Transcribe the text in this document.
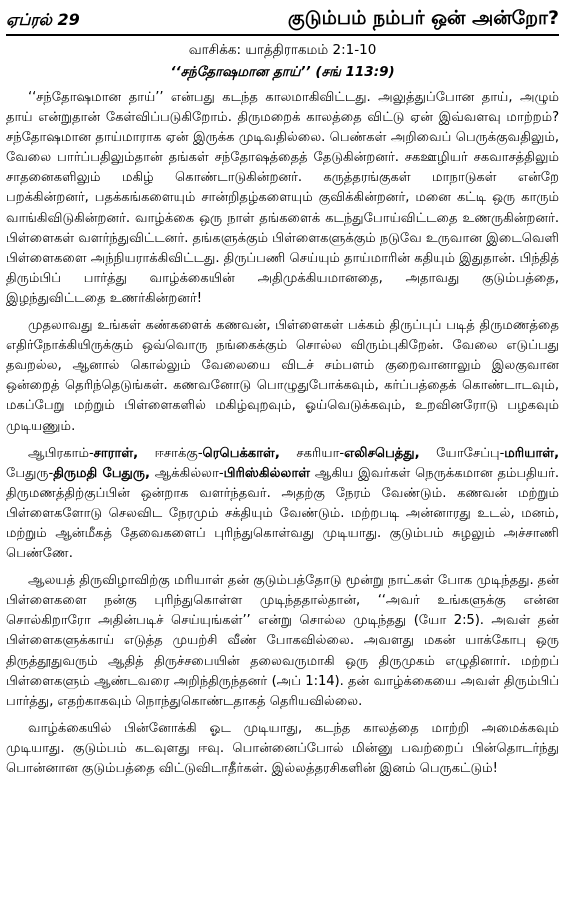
ஏப்ரல் 29	குடும்பம் நம்பர் ஒன் அன்றோ?
வாசிக்க: யாத்திராகமம் 2:1-10
‘‘சந்தோஷமான தாய்’’ (சங் 113:9)

‘‘சந்தோஷமான தாய்’’ என்பது கடந்த காலமாகிவிட்டது. அலுத்துப்போன தாய், அழும் தாய் என்றுதான் கேள்விப்படுகிறோம். திருமறைக் காலத்தை விட்டு ஏன் இவ்வளவு மாற்றம்? சந்தோஷமான தாய்மாராக ஏன் இருக்க முடிவதில்லை. பெண்கள் அறிவைப் பெருக்குவதிலும், வேலை பார்ப்பதிலும்தான் தங்கள் சந்தோஷத்தைத் தேடுகின்றனர். சகஊழியர் சகவாசத்திலும் சாதனைகளிலும் மகிழ் கொண்டாடுகின்றனர். கருத்தரங்குகள் மாநாடுகள் என்றே பறக்கின்றனர், பதக்கங்களையும் சான்றிதழ்களையும் குவிக்கின்றனர், மனை கட்டி ஒரு காரும் வாங்கிவிடுகின்றனர். வாழ்க்கை ஒரு நாள் தங்களைக் கடந்துபோய்விட்டதை உணருகின்றனர். பிள்ளைகள் வளர்ந்துவிட்டனர். தங்களுக்கும் பிள்ளைகளுக்கும் நடுவே உருவான இடைவெளி பிள்ளைகளை அந்நியராக்கிவிட்டது. திருப்பணி செய்யும் தாய்மாரின் கதியும் இதுதான். பிந்தித் திரும்பிப் பார்த்து வாழ்க்கையின் அதிமுக்கியமானதை, அதாவது குடும்பத்தை, இழந்துவிட்டதை உணர்கின்றனர்!

முதலாவது உங்கள் கண்களைக் கணவன், பிள்ளைகள் பக்கம் திருப்புப் படித் திருமணத்தை எதிர்நோக்கியிருக்கும் ஒவ்வொரு நங்கைக்கும் சொல்ல விரும்புகிறேன். வேலை எடுப்பது தவறல்ல, ஆனால் கொல்லும் வேலையை விடச் சம்பளம் குறைவானாலும் இலகுவான ஒன்றைத் தெரிந்தெடுங்கள். கணவனோடு பொழுதுபோக்கவும், கர்ப்பத்தைக் கொண்டாடவும், மகப்பேறு மற்றும் பிள்ளைகளில் மகிழ்வுறவும், ஓய்வெடுக்கவும், உறவினரோடு பழகவும் முடியணும்.

ஆபிரகாம்-சாராள், ஈசாக்கு-ரெபெக்காள், சகரியா-எலிசபெத்து, யோசேப்பு-மரியாள், பேதுரு-திருமதி பேதுரு, ஆக்கில்லா-பிரிஸ்கில்லாள் ஆகிய இவர்கள் நெருக்கமான தம்பதியர். திருமணத்திற்குப்பின் ஒன்றாக வளர்ந்தவர். அதற்கு நேரம் வேண்டும். கணவன் மற்றும் பிள்ளைகளோடு செலவிட நேரமும் சக்தியும் வேண்டும். மற்றபடி அன்னாரது உடல், மனம், மற்றும் ஆன்மீகத் தேவைகளைப் புரிந்துகொள்வது முடியாது. குடும்பம் சுழலும் அச்சாணி பெண்ணே.

ஆலயத் திருவிழாவிற்கு மரியாள் தன் குடும்பத்தோடு மூன்று நாட்கள் போக முடிந்தது. தன் பிள்ளைகளை நன்கு புரிந்துகொள்ள முடிந்ததால்தான், ‘‘அவர் உங்களுக்கு என்ன சொல்கிறாரோ அதின்படிச் செய்யுங்கள்’’ என்று சொல்ல முடிந்தது (யோ 2:5). அவள் தன் பிள்ளைகளுக்காய் எடுத்த முயற்சி வீண் போகவில்லை. அவளது மகன் யாக்கோபு ஒரு திருத்தூதுவரும் ஆதித் திருச்சபையின் தலைவருமாகி ஒரு திருமுகம் எழுதினார். மற்றப் பிள்ளைகளும் ஆண்டவரை அறிந்திருந்தனர் (அப் 1:14). தன் வாழ்க்கையை அவள் திரும்பிப் பார்த்து, எதற்காகவும் நொந்துகொண்டதாகத் தெரியவில்லை.

வாழ்க்கையில் பின்னோக்கி ஓட முடியாது, கடந்த காலத்தை மாற்றி அமைக்கவும் முடியாது. குடும்பம் கடவுளது ஈவு. பொன்னைப்போல் மின்னு பவற்றைப் பின்தொடர்ந்து பொன்னான குடும்பத்தை விட்டுவிடாதீர்கள். இல்லத்தரசிகளின் இனம் பெருகட்டும்!
